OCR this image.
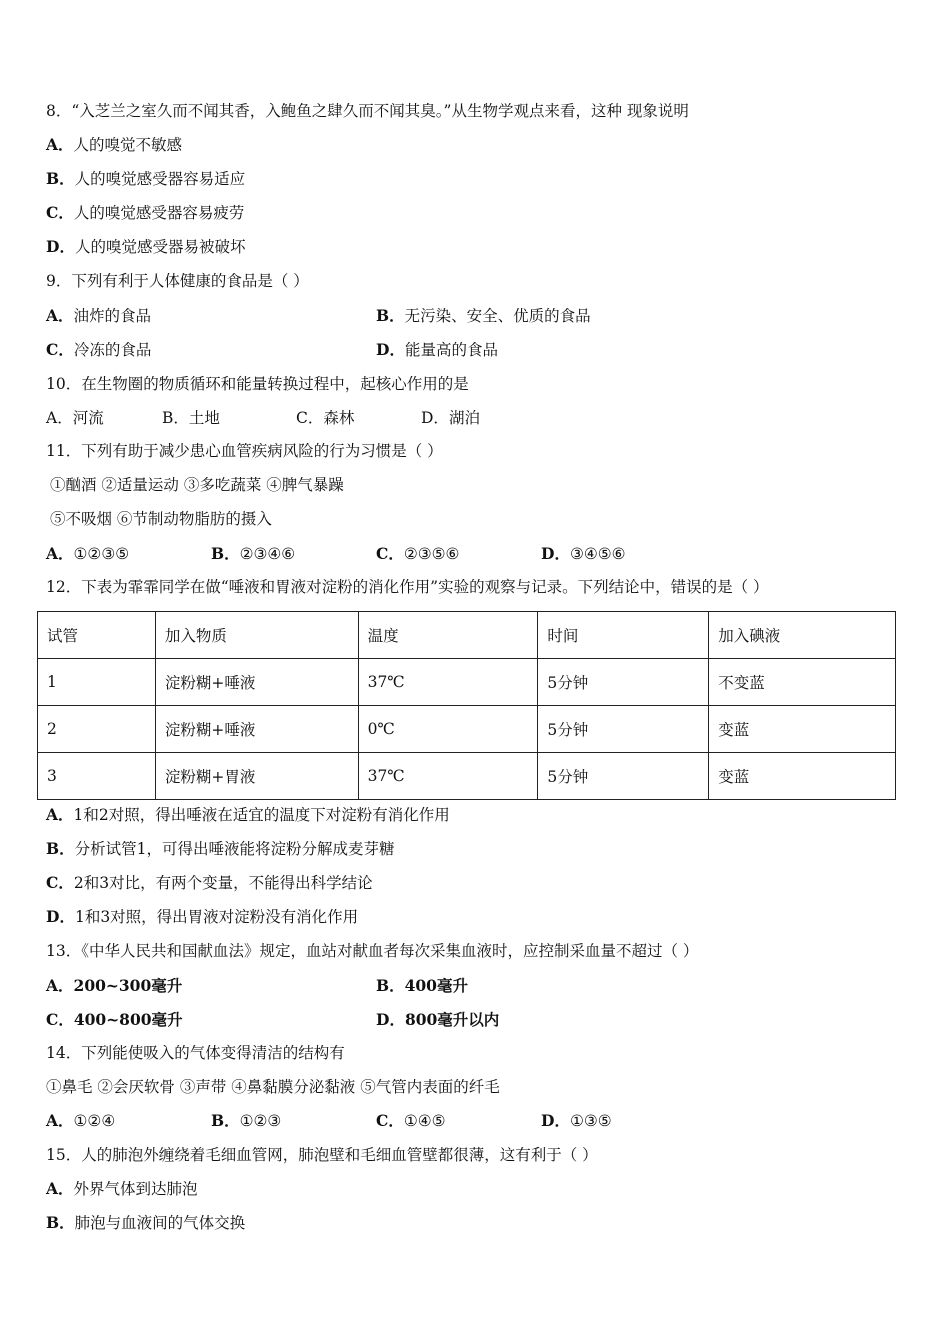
8．“入芝兰之室久而不闻其香，入鲍鱼之肆久而不闻其臭。”从生物学观点来看，这种 现象说明
A．人的嗅觉不敏感
B．人的嗅觉感受器容易适应
C．人的嗅觉感受器容易疲劳
D．人的嗅觉感受器易被破坏
9．下列有利于人体健康的食品是（ ）
A．油炸的食品	B．无污染、安全、优质的食品
C．冷冻的食品	D．能量高的食品
10．在生物圈的物质循环和能量转换过程中，起核心作用的是
A．河流	B．土地	C．森林	D．湖泊
11．下列有助于减少患心血管疾病风险的行为习惯是（ ）
①酗酒 ②适量运动 ③多吃蔬菜 ④脾气暴躁
⑤不吸烟 ⑥节制动物脂肪的摄入
A．①②③⑤	B．②③④⑥	C．②③⑤⑥	D．③④⑤⑥
12．下表为霏霏同学在做“唾液和胃液对淀粉的消化作用”实验的观察与记录。下列结论中，错误的是（ ）
试管	加入物质	温度	时间	加入碘液
1	淀粉糊+唾液	37℃	5分钟	不变蓝
2	淀粉糊+唾液	0℃	5分钟	变蓝
3	淀粉糊+胃液	37℃	5分钟	变蓝
A．1和2对照，得出唾液在适宜的温度下对淀粉有消化作用
B．分析试管1，可得出唾液能将淀粉分解成麦芽糖
C．2和3对比，有两个变量，不能得出科学结论
D．1和3对照，得出胃液对淀粉没有消化作用
13．《中华人民共和国献血法》规定，血站对献血者每次采集血液时，应控制采血量不超过（ ）
A．200~300毫升	B．400毫升
C．400~800毫升	D．800毫升以内
14．下列能使吸入的气体变得清洁的结构有
①鼻毛 ②会厌软骨 ③声带 ④鼻黏膜分泌黏液 ⑤气管内表面的纤毛
A．①②④	B．①②③	C．①④⑤	D．①③⑤
15．人的肺泡外缠绕着毛细血管网，肺泡壁和毛细血管壁都很薄，这有利于（ ）
A．外界气体到达肺泡
B．肺泡与血液间的气体交换
